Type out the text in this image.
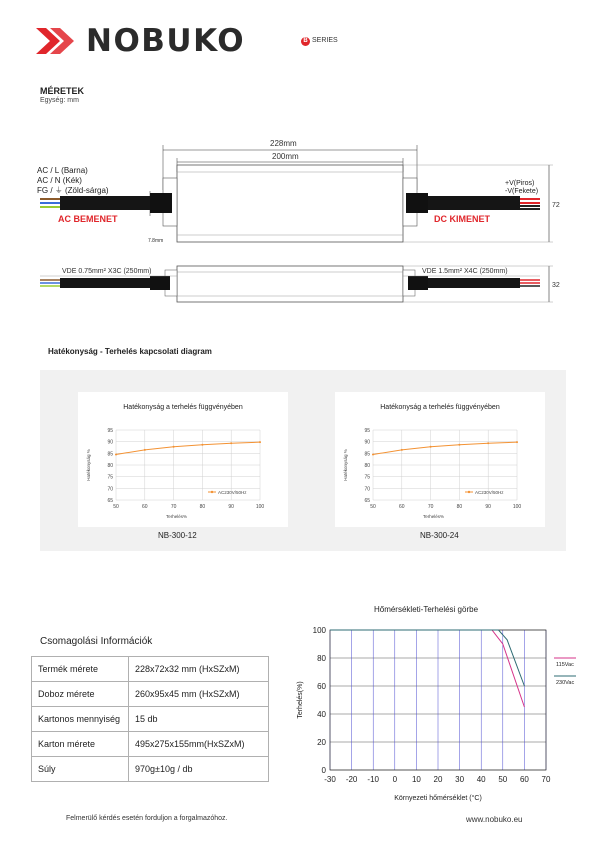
NOBUKO	B SERIES
MÉRETEK
Egység: mm
228mm
200mm
7.8mm
72
AC / L (Barna)
AC / N (Kék)
FG / ⏚ (Zöld-sárga)
+V(Piros)
-V(Fekete)
AC BEMENET	DC KIMENET
VDE 0.75mm² X3C (250mm)	VDE 1.5mm² X4C (250mm)
32
Hatékonyság - Terhelés kapcsolati diagram
Hatékonyság a terhelés függvényében
65
70
75
80
85
90
95
50	60	70	80	90	100
Terhelés%
Hatékonyság %
AC230V/50Hz
Hatékonyság a terhelés függvényében
65
70
75
80
85
90
95
50	60	70	80	90	100
Terhelés%
Hatékonyság %
AC230V/50Hz
NB-300-12	NB-300-24
Csomagolási Információk
Termék mérete	228x72x32 mm (HxSZxM)
Doboz mérete	260x95x45 mm (HxSZxM)
Kartonos mennyiség	15 db
Karton mérete	495x275x155mm(HxSZxM)
Súly	970g±10g / db
Hőmérsékleti-Terhelési görbe
0
20
40
60
80
100
-30 -20 -10 0 10 20 30 40 50 60 70
Környezeti hőmérséklet (°C)
Terhelés(%)
115Vac
230Vac
Felmerülő kérdés esetén forduljon a forgalmazóhoz.	www.nobuko.eu
